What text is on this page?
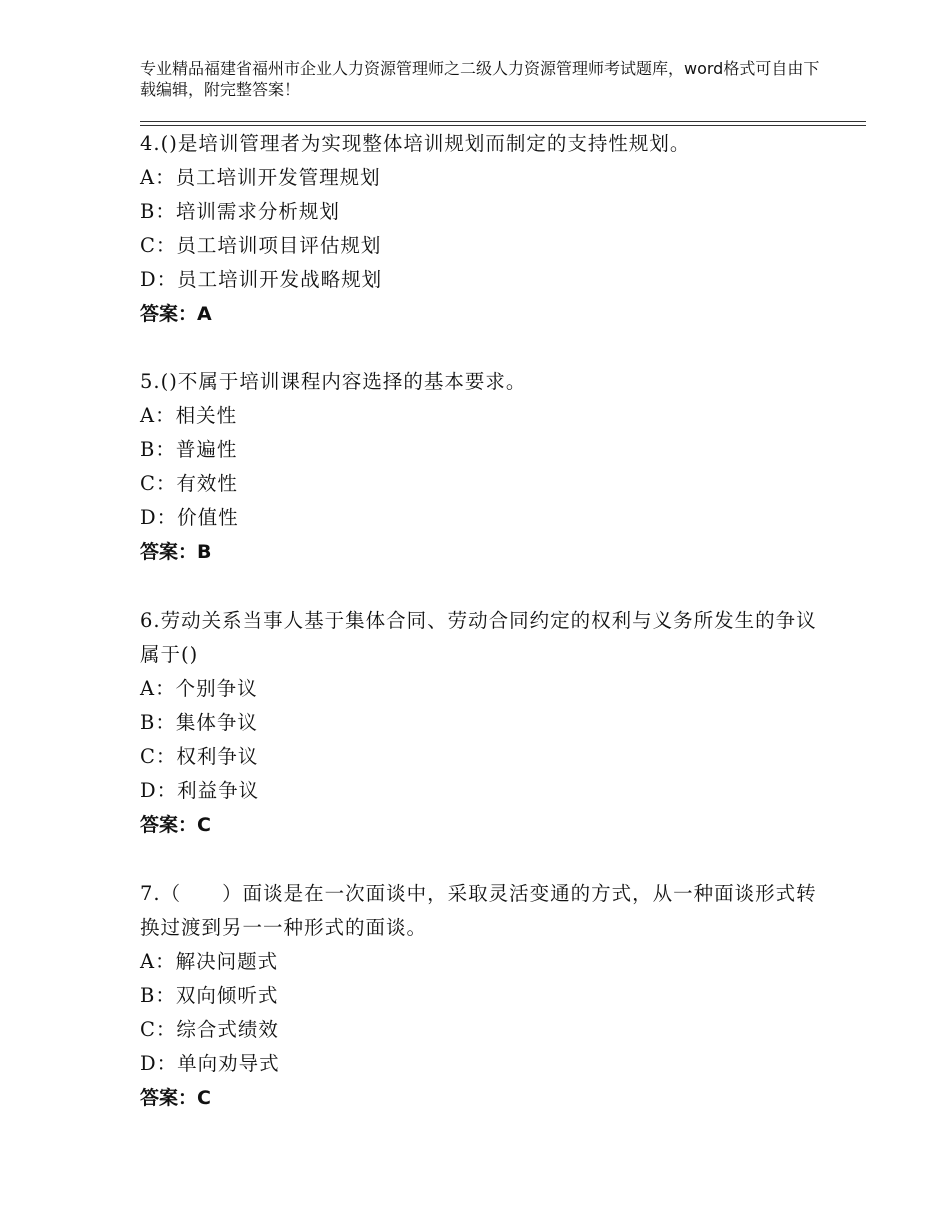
专业精品福建省福州市企业人力资源管理师之二级人力资源管理师考试题库，word格式可自由下载编辑，附完整答案！

4.()是培训管理者为实现整体培训规划而制定的支持性规划。

A：员工培训开发管理规划

B：培训需求分析规划

C：员工培训项目评估规划

D：员工培训开发战略规划

答案：A

5.()不属于培训课程内容选择的基本要求。

A：相关性

B：普遍性

C：有效性

D：价值性

答案：B

6.劳动关系当事人基于集体合同、劳动合同约定的权利与义务所发生的争议属于()

A：个别争议

B：集体争议

C：权利争议

D：利益争议

答案：C

7.（　　）面谈是在一次面谈中，采取灵活变通的方式，从一种面谈形式转换过渡到另一一种形式的面谈。

A：解决问题式

B：双向倾听式

C：综合式绩效

D：单向劝导式

答案：C
